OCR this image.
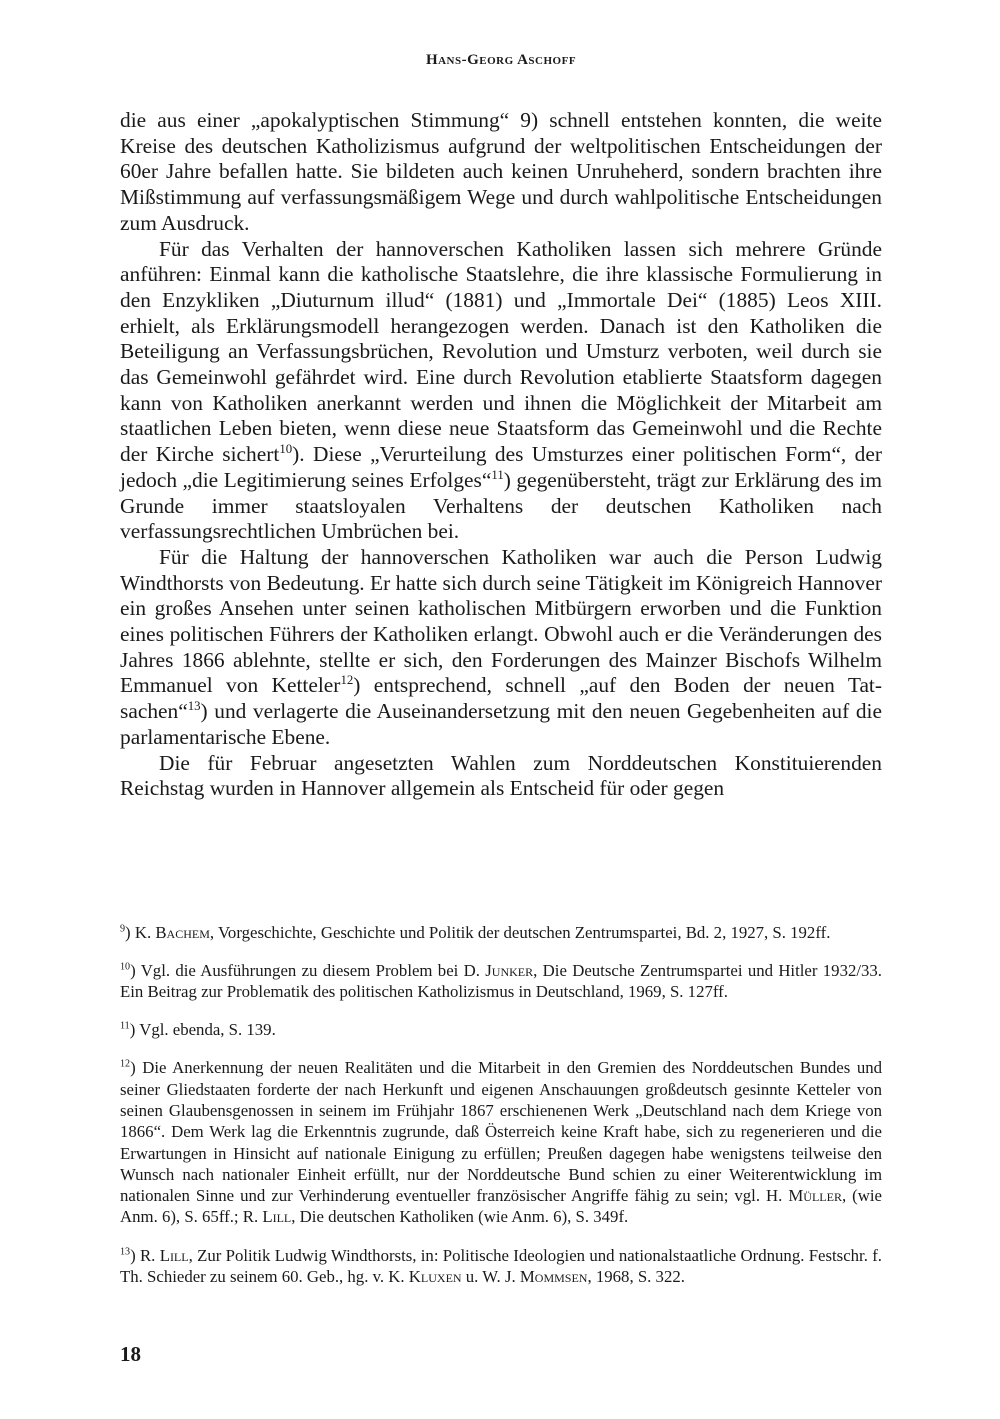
Hans-Georg Aschoff

die aus einer „apokalyptischen Stimmung“ 9) schnell entstehen konnten, die weite Kreise des deutschen Katholizismus aufgrund der weltpolitischen Entscheidungen der 60er Jahre befallen hatte. Sie bildeten auch keinen Unruheherd, sondern brachten ihre Mißstimmung auf verfassungsmäßigem Wege und durch wahlpolitische Entscheidungen zum Ausdruck.

Für das Verhalten der hannoverschen Katholiken lassen sich mehrere Gründe anführen: Einmal kann die katholische Staatslehre, die ihre klassische Formulierung in den Enzykliken „Diuturnum illud“ (1881) und „Immortale Dei“ (1885) Leos XIII. erhielt, als Erklärungsmodell herangezogen werden. Danach ist den Katholiken die Beteiligung an Verfassungsbrüchen, Revolution und Umsturz verboten, weil durch sie das Gemeinwohl gefährdet wird. Eine durch Revolution etablierte Staatsform dagegen kann von Katholiken anerkannt werden und ihnen die Möglichkeit der Mitarbeit am staatlichen Leben bieten, wenn diese neue Staatsform das Gemeinwohl und die Rechte der Kirche sichert$^{10}$). Diese „Verurteilung des Umsturzes einer politischen Form“, der jedoch „die Legitimierung seines Erfolges“$^{11}$) gegenübersteht, trägt zur Erklärung des im Grunde immer staatsloyalen Verhaltens der deutschen Katholiken nach verfassungsrechtlichen Umbrüchen bei.

Für die Haltung der hannoverschen Katholiken war auch die Person Ludwig Windthorsts von Bedeutung. Er hatte sich durch seine Tätigkeit im Königreich Hannover ein großes Ansehen unter seinen katholischen Mitbürgern erworben und die Funktion eines politischen Führers der Katholiken erlangt. Obwohl auch er die Veränderungen des Jahres 1866 ablehnte, stellte er sich, den Forderungen des Mainzer Bischofs Wilhelm Emmanuel von Ketteler$^{12}$) entsprechend, schnell „auf den Boden der neuen Tatsachen“$^{13}$) und verlagerte die Auseinandersetzung mit den neuen Gegebenheiten auf die parlamentarische Ebene.

Die für Februar angesetzten Wahlen zum Norddeutschen Konstituierenden Reichstag wurden in Hannover allgemein als Entscheid für oder gegen

$^9$) K. Bachem, Vorgeschichte, Geschichte und Politik der deutschen Zentrumspartei, Bd. 2, 1927, S. 192ff.

$^{10}$) Vgl. die Ausführungen zu diesem Problem bei D. Junker, Die Deutsche Zentrumspartei und Hitler 1932/33. Ein Beitrag zur Problematik des politischen Katholizismus in Deutschland, 1969, S. 127ff.

$^{11}$) Vgl. ebenda, S. 139.

$^{12}$) Die Anerkennung der neuen Realitäten und die Mitarbeit in den Gremien des Norddeutschen Bundes und seiner Gliedstaaten forderte der nach Herkunft und eigenen Anschauungen großdeutsch gesinnte Ketteler von seinen Glaubensgenossen in seinem im Frühjahr 1867 erschienenen Werk „Deutschland nach dem Kriege von 1866“. Dem Werk lag die Erkenntnis zugrunde, daß Österreich keine Kraft habe, sich zu regenerieren und die Erwartungen in Hinsicht auf nationale Einigung zu erfüllen; Preußen dagegen habe wenigstens teilweise den Wunsch nach nationaler Einheit erfüllt, nur der Norddeutsche Bund schien zu einer Weiterentwicklung im nationalen Sinne und zur Verhinderung eventueller französischer Angriffe fähig zu sein; vgl. H. Müller, (wie Anm. 6), S. 65ff.; R. Lill, Die deutschen Katholiken (wie Anm. 6), S. 349f.

$^{13}$) R. Lill, Zur Politik Ludwig Windthorsts, in: Politische Ideologien und nationalstaatliche Ordnung. Festschr. f. Th. Schieder zu seinem 60. Geb., hg. v. K. Kluxen u. W. J. Mommsen, 1968, S. 322.

18
